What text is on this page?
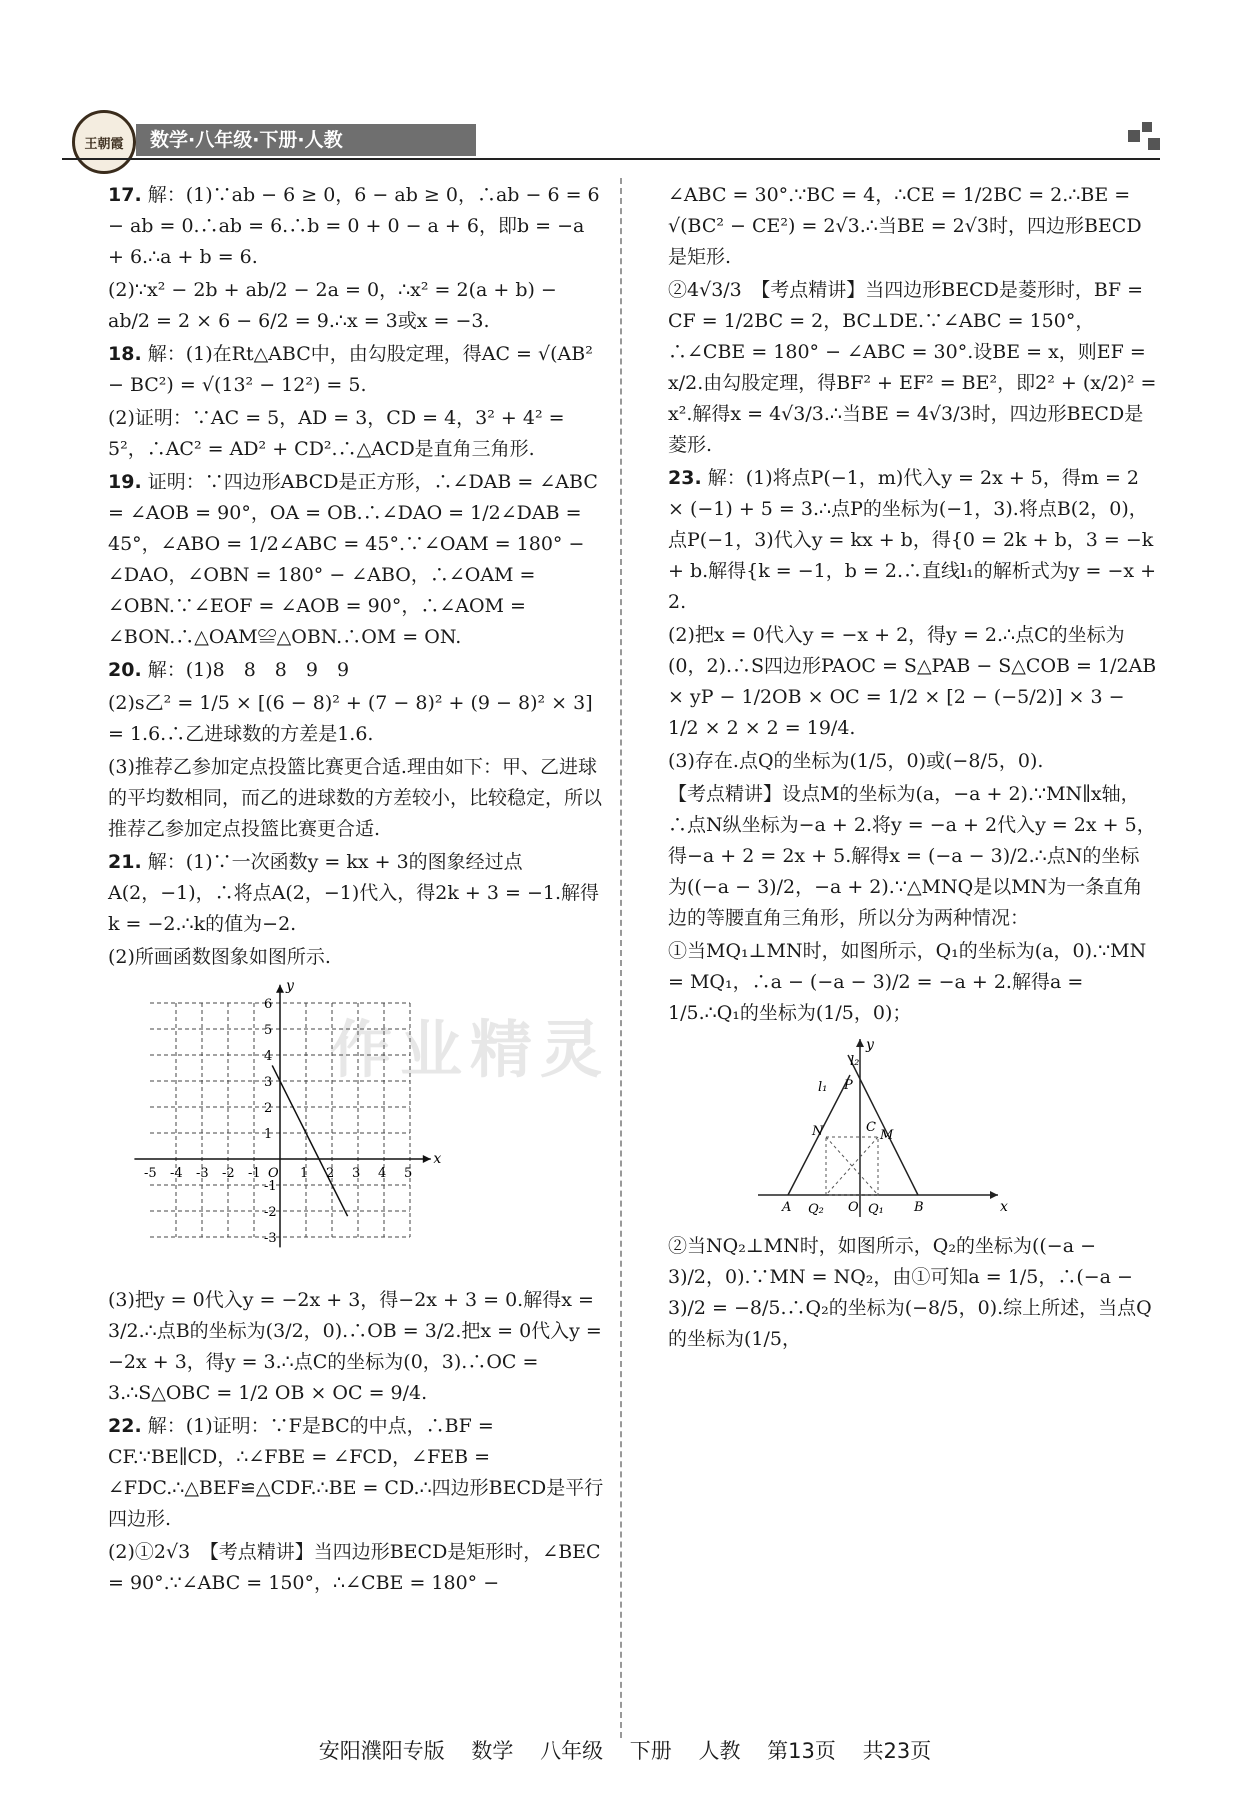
王朝霞	数学·八年级·下册·人教

17. 解：(1)∵ab − 6 ≥ 0，6 − ab ≥ 0，∴ab − 6 = 6 − ab = 0.∴ab = 6.∴b = 0 + 0 − a + 6，即b = −a + 6.∴a + b = 6.

(2)∵x² − 2b + ab/2 − 2a = 0，∴x² = 2(a + b) − ab/2 = 2 × 6 − 6/2 = 9.∴x = 3或x = −3.

18. 解：(1)在Rt△ABC中，由勾股定理，得AC = √(AB² − BC²) = √(13² − 12²) = 5.

(2)证明：∵AC = 5，AD = 3，CD = 4，3² + 4² = 5²，∴AC² = AD² + CD².∴△ACD是直角三角形.

19. 证明：∵四边形ABCD是正方形，∴∠DAB = ∠ABC = ∠AOB = 90°，OA = OB.∴∠DAO = 1/2∠DAB = 45°，∠ABO = 1/2∠ABC = 45°.∵∠OAM = 180° − ∠DAO，∠OBN = 180° − ∠ABO，∴∠OAM = ∠OBN.∵∠EOF = ∠AOB = 90°，∴∠AOM = ∠BON.∴△OAM≌△OBN.∴OM = ON.

20. 解：(1)8　8　8　9　9

(2)s乙² = 1/5 × [(6 − 8)² + (7 − 8)² + (9 − 8)² × 3] = 1.6.∴乙进球数的方差是1.6.

(3)推荐乙参加定点投篮比赛更合适.理由如下：甲、乙进球的平均数相同，而乙的进球数的方差较小，比较稳定，所以推荐乙参加定点投篮比赛更合适.

21. 解：(1)∵一次函数y = kx + 3的图象经过点A(2，−1)，∴将点A(2，−1)代入，得2k + 3 = −1.解得k = −2.∴k的值为−2.

(2)所画函数图象如图所示.

-5 -4 -3 -2 -1	1 2 3 4 5
6
5
4
3
2
1
-1
-2
-3
O
x
y

(3)把y = 0代入y = −2x + 3，得−2x + 3 = 0.解得x = 3/2.∴点B的坐标为(3/2，0).∴OB = 3/2.把x = 0代入y = −2x + 3，得y = 3.∴点C的坐标为(0，3).∴OC = 3.∴S△OBC = 1/2 OB × OC = 9/4.

22. 解：(1)证明：∵F是BC的中点，∴BF = CF.∵BE∥CD，∴∠FBE = ∠FCD，∠FEB = ∠FDC.∴△BEF≌△CDF.∴BE = CD.∴四边形BECD是平行四边形.

(2)①2√3　【考点精讲】当四边形BECD是矩形时，∠BEC = 90°.∵∠ABC = 150°，∴∠CBE = 180° −

∠ABC = 30°.∵BC = 4，∴CE = 1/2BC = 2.∴BE = √(BC² − CE²) = 2√3.∴当BE = 2√3时，四边形BECD是矩形.

②4√3/3　【考点精讲】当四边形BECD是菱形时，BF = CF = 1/2BC = 2，BC⊥DE.∵∠ABC = 150°，∴∠CBE = 180° − ∠ABC = 30°.设BE = x，则EF = x/2.由勾股定理，得BF² + EF² = BE²，即2² + (x/2)² = x².解得x = 4√3/3.∴当BE = 4√3/3时，四边形BECD是菱形.

23. 解：(1)将点P(−1，m)代入y = 2x + 5，得m = 2 × (−1) + 5 = 3.∴点P的坐标为(−1，3).将点B(2，0)，点P(−1，3)代入y = kx + b，得{0 = 2k + b，3 = −k + b.解得{k = −1，b = 2.∴直线l₁的解析式为y = −x + 2.

(2)把x = 0代入y = −x + 2，得y = 2.∴点C的坐标为(0，2).∴S四边形PAOC = S△PAB − S△COB = 1/2AB × yP − 1/2OB × OC = 1/2 × [2 − (−5/2)] × 3 − 1/2 × 2 × 2 = 19/4.

(3)存在.点Q的坐标为(1/5，0)或(−8/5，0).

【考点精讲】设点M的坐标为(a，−a + 2).∵MN∥x轴，∴点N纵坐标为−a + 2.将y = −a + 2代入y = 2x + 5，得−a + 2 = 2x + 5.解得x = (−a − 3)/2.∴点N的坐标为((−a − 3)/2，−a + 2).∵△MNQ是以MN为一条直角边的等腰直角三角形，所以分为两种情况：

①当MQ₁⊥MN时，如图所示，Q₁的坐标为(a，0).∵MN = MQ₁，∴a − (−a − 3)/2 = −a + 2.解得a = 1/5.∴Q₁的坐标为(1/5，0)；

y
x
l₂
l₁ P
N	C
M
A Q₂ O Q₁ B

②当NQ₂⊥MN时，如图所示，Q₂的坐标为((−a − 3)/2，0).∵MN = NQ₂，由①可知a = 1/5，∴(−a − 3)/2 = −8/5.∴Q₂的坐标为(−8/5，0).综上所述，当点Q的坐标为(1/5，

作业精灵
安阳濮阳专版 数学 八年级 下册 人教 第13页 共23页
